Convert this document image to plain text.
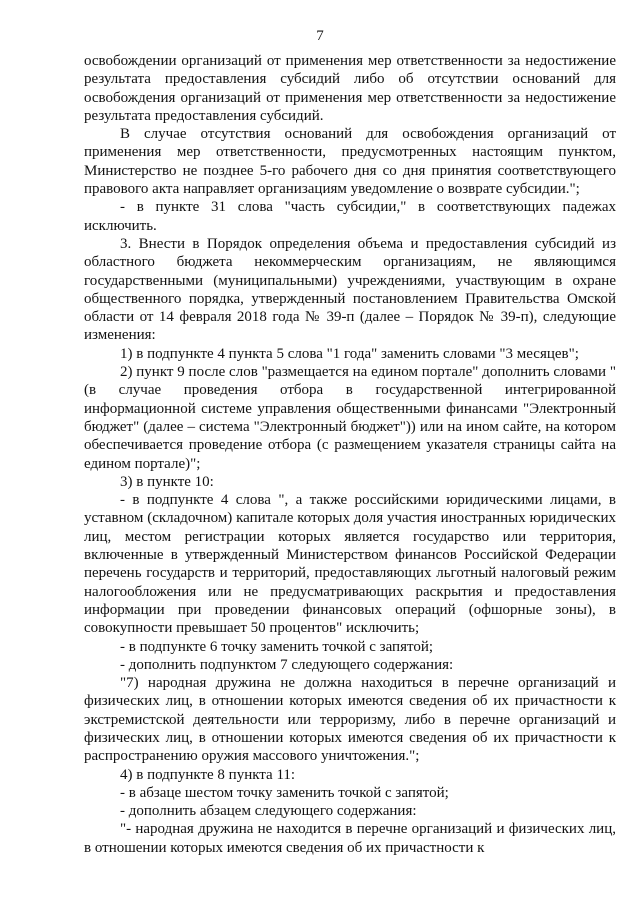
7

освобождении организаций от применения мер ответственности за недостижение результата предоставления субсидий либо об отсутствии оснований для освобождения организаций от применения мер ответственности за недостижение результата предоставления субсидий.

В случае отсутствия оснований для освобождения организаций от применения мер ответственности, предусмотренных настоящим пунктом, Министерство не позднее 5-го рабочего дня со дня принятия соответствующего правового акта направляет организациям уведомление о возврате субсидии.";

- в пункте 31 слова "часть субсидии," в соответствующих падежах исключить.

3. Внести в Порядок определения объема и предоставления субсидий из областного бюджета некоммерческим организациям, не являющимся государственными (муниципальными) учреждениями, участвующим в охране общественного порядка, утвержденный постановлением Правительства Омской области от 14 февраля 2018 года № 39-п (далее – Порядок № 39-п), следующие изменения:

1) в подпункте 4 пункта 5 слова "1 года" заменить словами "3 месяцев";

2) пункт 9 после слов "размещается на едином портале" дополнить словами "(в случае проведения отбора в государственной интегрированной информационной системе управления общественными финансами "Электронный бюджет" (далее – система "Электронный бюджет")) или на ином сайте, на котором обеспечивается проведение отбора (с размещением указателя страницы сайта на едином портале)";

3) в пункте 10:

- в подпункте 4 слова ", а также российскими юридическими лицами, в уставном (складочном) капитале которых доля участия иностранных юридических лиц, местом регистрации которых является государство или территория, включенные в утвержденный Министерством финансов Российской Федерации перечень государств и территорий, предоставляющих льготный налоговый режим налогообложения или не предусматривающих раскрытия и предоставления информации при проведении финансовых операций (офшорные зоны), в совокупности превышает 50 процентов" исключить;

- в подпункте 6 точку заменить точкой с запятой;

- дополнить подпунктом 7 следующего содержания:

"7) народная дружина не должна находиться в перечне организаций и физических лиц, в отношении которых имеются сведения об их причастности к экстремистской деятельности или терроризму, либо в перечне организаций и физических лиц, в отношении которых имеются сведения об их причастности к распространению оружия массового уничтожения.";

4) в подпункте 8 пункта 11:

- в абзаце шестом точку заменить точкой с запятой;

- дополнить абзацем следующего содержания:

"- народная дружина не находится в перечне организаций и физических лиц, в отношении которых имеются сведения об их причастности к
